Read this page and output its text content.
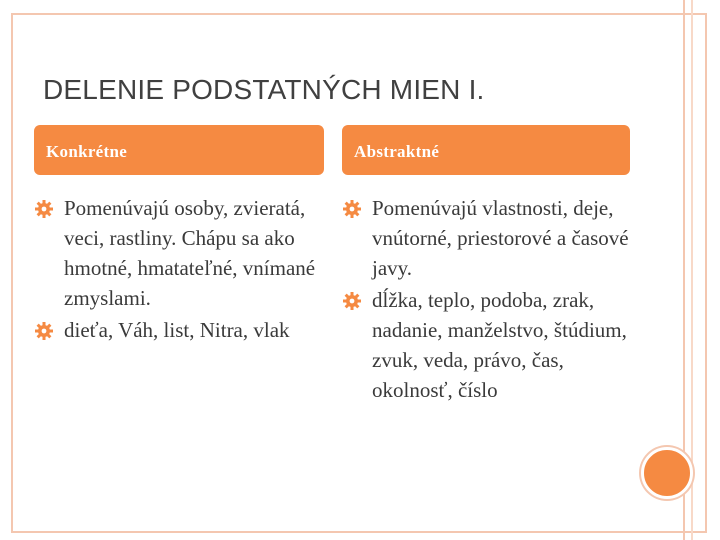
DELENIE PODSTATNÝCH MIEN I.
Konkrétne	Abstraktné
Pomenúvajú osoby, zvieratá, veci, rastliny. Chápu sa ako hmotné, hmatateľné, vnímané zmyslami.
dieťa, Váh, list, Nitra, vlak
Pomenúvajú vlastnosti, deje, vnútorné, priestorové a časové javy.
dĺžka, teplo, podoba, zrak, nadanie, manželstvo, štúdium, zvuk, veda, právo, čas, okolnosť, číslo
